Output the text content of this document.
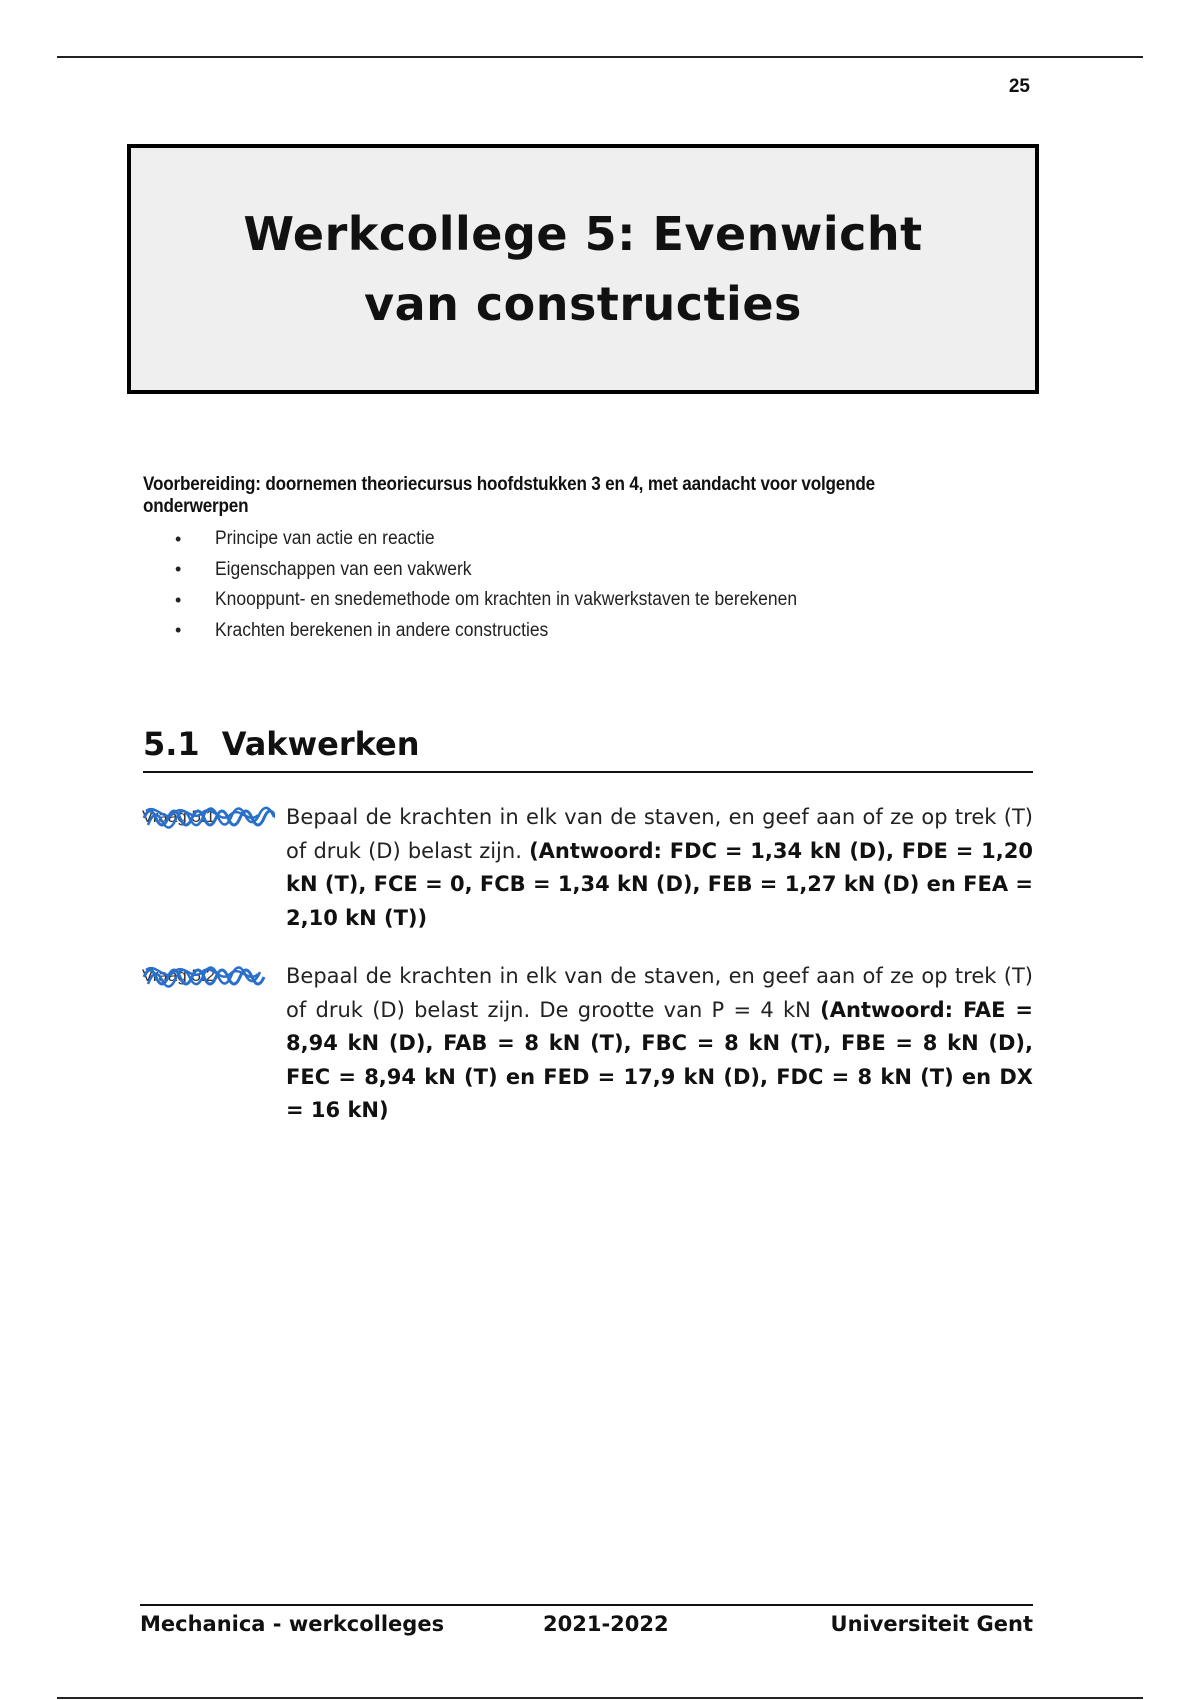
25
Werkcollege 5: Evenwicht van constructies
Voorbereiding: doornemen theoriecursus hoofdstukken 3 en 4, met aandacht voor volgende onderwerpen
•	Principe van actie en reactie
•	Eigenschappen van een vakwerk
•	Knooppunt- en snedemethode om krachten in vakwerkstaven te berekenen
•	Krachten berekenen in andere constructies
5.1 Vakwerken
Vraag 5.1	Bepaal de krachten in elk van de staven, en geef aan of ze op trek (T) of druk (D) belast zijn. (Antwoord: FDC = 1,34 kN (D), FDE = 1,20 kN (T), FCE = 0, FCB = 1,34 kN (D), FEB = 1,27 kN (D) en FEA = 2,10 kN (T))
Vraag 5.2	Bepaal de krachten in elk van de staven, en geef aan of ze op trek (T) of druk (D) belast zijn. De grootte van P = 4 kN (Antwoord: FAE = 8,94 kN (D), FAB = 8 kN (T), FBC = 8 kN (T), FBE = 8 kN (D), FEC = 8,94 kN (T) en FED = 17,9 kN (D), FDC = 8 kN (T) en DX = 16 kN)
Mechanica - werkcolleges	2021-2022	Universiteit Gent
